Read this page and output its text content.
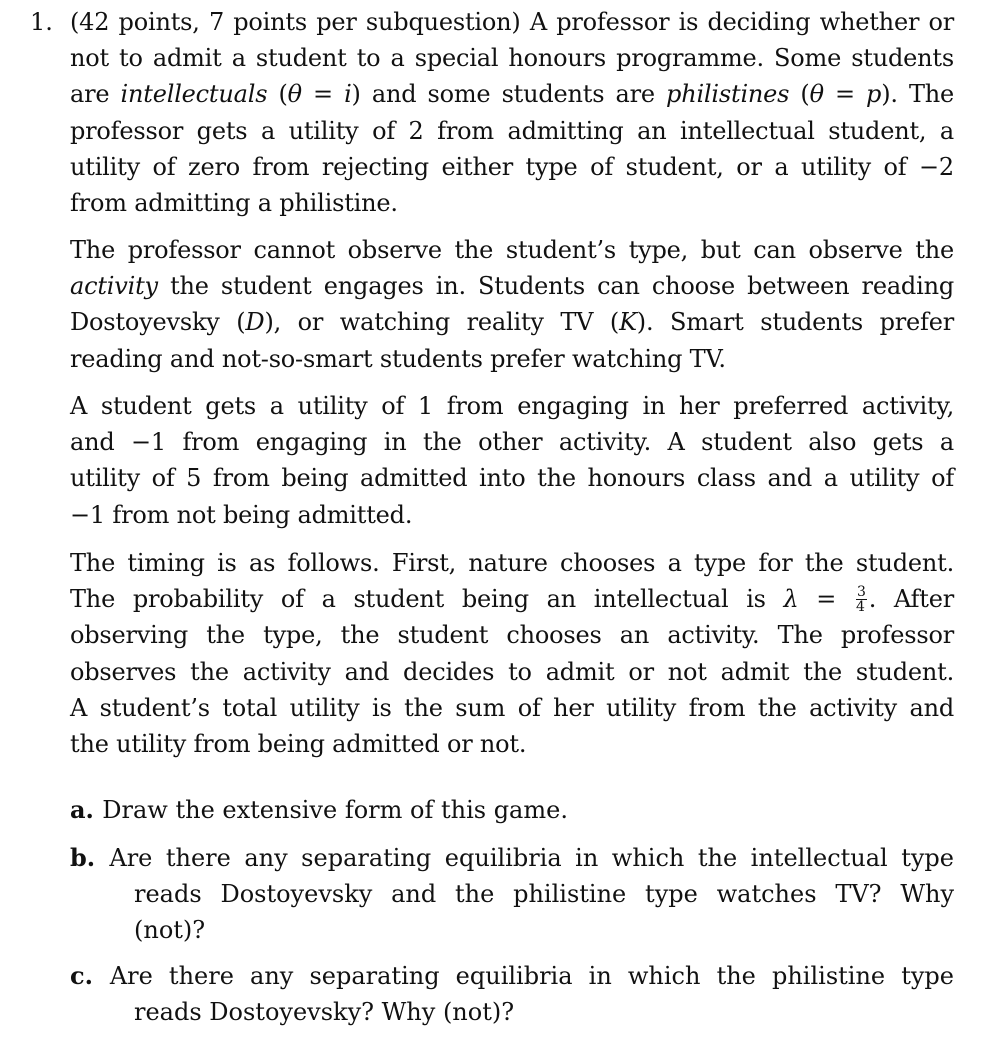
1. (42 points, 7 points per subquestion) A professor is deciding whether or
not to admit a student to a special honours programme. Some students
are intellectuals (θ = i) and some students are philistines (θ = p). The
professor gets a utility of 2 from admitting an intellectual student, a
utility of zero from rejecting either type of student, or a utility of −2
from admitting a philistine.
The professor cannot observe the student’s type, but can observe the
activity the student engages in. Students can choose between reading
Dostoyevsky (D), or watching reality TV (K). Smart students prefer
reading and not-so-smart students prefer watching TV.
A student gets a utility of 1 from engaging in her preferred activity,
and −1 from engaging in the other activity. A student also gets a
utility of 5 from being admitted into the honours class and a utility of
−1 from not being admitted.
The timing is as follows. First, nature chooses a type for the student.
The probability of a student being an intellectual is $\lambda = \frac{3}{4}$ . After
observing the type, the student chooses an activity. The professor
observes the activity and decides to admit or not admit the student.
A student’s total utility is the sum of her utility from the activity and
the utility from being admitted or not.
a. Draw the extensive form of this game.
b. Are there any separating equilibria in which the intellectual type
reads Dostoyevsky and the philistine type watches TV? Why
(not)?
c. Are there any separating equilibria in which the philistine type
reads Dostoyevsky? Why (not)?
